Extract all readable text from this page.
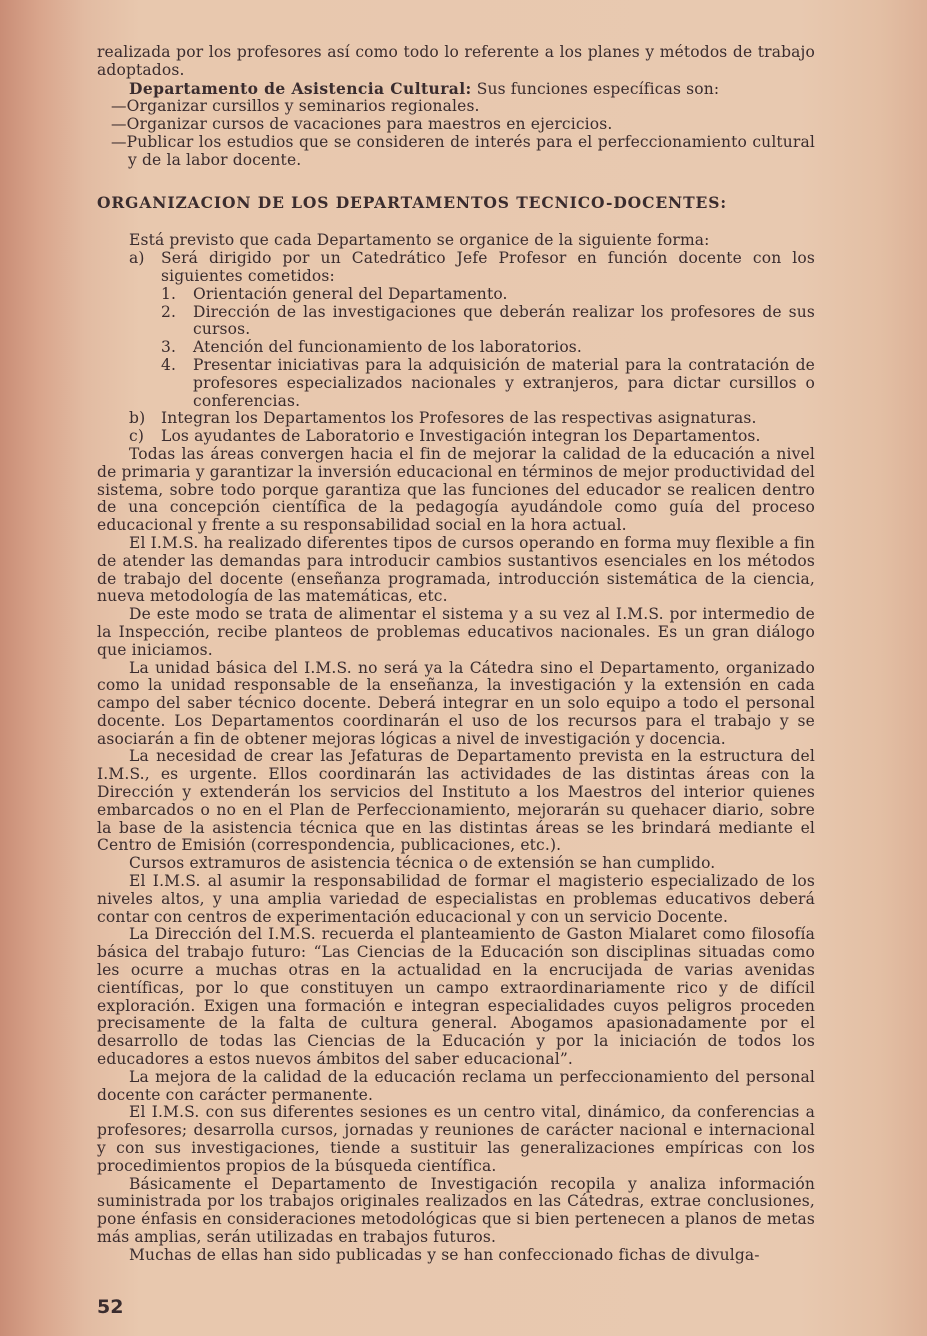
realizada por los profesores así como todo lo referente a los planes y métodos de trabajo adoptados.

Departamento de Asistencia Cultural: Sus funciones específicas son:

—Organizar cursillos y seminarios regionales.

—Organizar cursos de vacaciones para maestros en ejercicios.

—Publicar los estudios que se consideren de interés para el perfeccionamiento cultural y de la labor docente.

ORGANIZACION DE LOS DEPARTAMENTOS TECNICO-DOCENTES:

Está previsto que cada Departamento se organice de la siguiente forma:

a)	Será dirigido por un Catedrático Jefe Profesor en función docente con los siguientes cometidos:
1.	Orientación general del Departamento.
2.	Dirección de las investigaciones que deberán realizar los profesores de sus cursos.
3.	Atención del funcionamiento de los laboratorios.
4.	Presentar iniciativas para la adquisición de material para la contratación de profesores especializados nacionales y extranjeros, para dictar cursillos o conferencias.
b)	Integran los Departamentos los Profesores de las respectivas asignaturas.
c)	Los ayudantes de Laboratorio e Investigación integran los Departamentos.

Todas las áreas convergen hacia el fin de mejorar la calidad de la educación a nivel de primaria y garantizar la inversión educacional en términos de mejor productividad del sistema, sobre todo porque garantiza que las funciones del educador se realicen dentro de una concepción científica de la pedagogía ayudándole como guía del proceso educacional y frente a su responsabilidad social en la hora actual.

El I.M.S. ha realizado diferentes tipos de cursos operando en forma muy flexible a fin de atender las demandas para introducir cambios sustantivos esenciales en los métodos de trabajo del docente (enseñanza programada, introducción sistemática de la ciencia, nueva metodología de las matemáticas, etc.

De este modo se trata de alimentar el sistema y a su vez al I.M.S. por intermedio de la Inspección, recibe planteos de problemas educativos nacionales. Es un gran diálogo que iniciamos.

La unidad básica del I.M.S. no será ya la Cátedra sino el Departamento, organizado como la unidad responsable de la enseñanza, la investigación y la extensión en cada campo del saber técnico docente. Deberá integrar en un solo equipo a todo el personal docente. Los Departamentos coordinarán el uso de los recursos para el trabajo y se asociarán a fin de obtener mejoras lógicas a nivel de investigación y docencia.

La necesidad de crear las Jefaturas de Departamento prevista en la estructura del I.M.S., es urgente. Ellos coordinarán las actividades de las distintas áreas con la Dirección y extenderán los servicios del Instituto a los Maestros del interior quienes embarcados o no en el Plan de Perfeccionamiento, mejorarán su quehacer diario, sobre la base de la asistencia técnica que en las distintas áreas se les brindará mediante el Centro de Emisión (correspondencia, publicaciones, etc.).

Cursos extramuros de asistencia técnica o de extensión se han cumplido.

El I.M.S. al asumir la responsabilidad de formar el magisterio especializado de los niveles altos, y una amplia variedad de especialistas en problemas educativos deberá contar con centros de experimentación educacional y con un servicio Docente.

La Dirección del I.M.S. recuerda el planteamiento de Gaston Mialaret como filosofía básica del trabajo futuro: “Las Ciencias de la Educación son disciplinas situadas como les ocurre a muchas otras en la actualidad en la encrucijada de varias avenidas científicas, por lo que constituyen un campo extraordinariamente rico y de difícil exploración. Exigen una formación e integran especialidades cuyos peligros proceden precisamente de la falta de cultura general. Abogamos apasionadamente por el desarrollo de todas las Ciencias de la Educación y por la iniciación de todos los educadores a estos nuevos ámbitos del saber educacional”.

La mejora de la calidad de la educación reclama un perfeccionamiento del personal docente con carácter permanente.

El I.M.S. con sus diferentes sesiones es un centro vital, dinámico, da conferencias a profesores; desarrolla cursos, jornadas y reuniones de carácter nacional e internacional y con sus investigaciones, tiende a sustituir las generalizaciones empíricas con los procedimientos propios de la búsqueda científica.

Básicamente el Departamento de Investigación recopila y analiza información suministrada por los trabajos originales realizados en las Cátedras, extrae conclusiones, pone énfasis en consideraciones metodológicas que si bien pertenecen a planos de metas más amplias, serán utilizadas en trabajos futuros.

Muchas de ellas han sido publicadas y se han confeccionado fichas de divulga-

52
